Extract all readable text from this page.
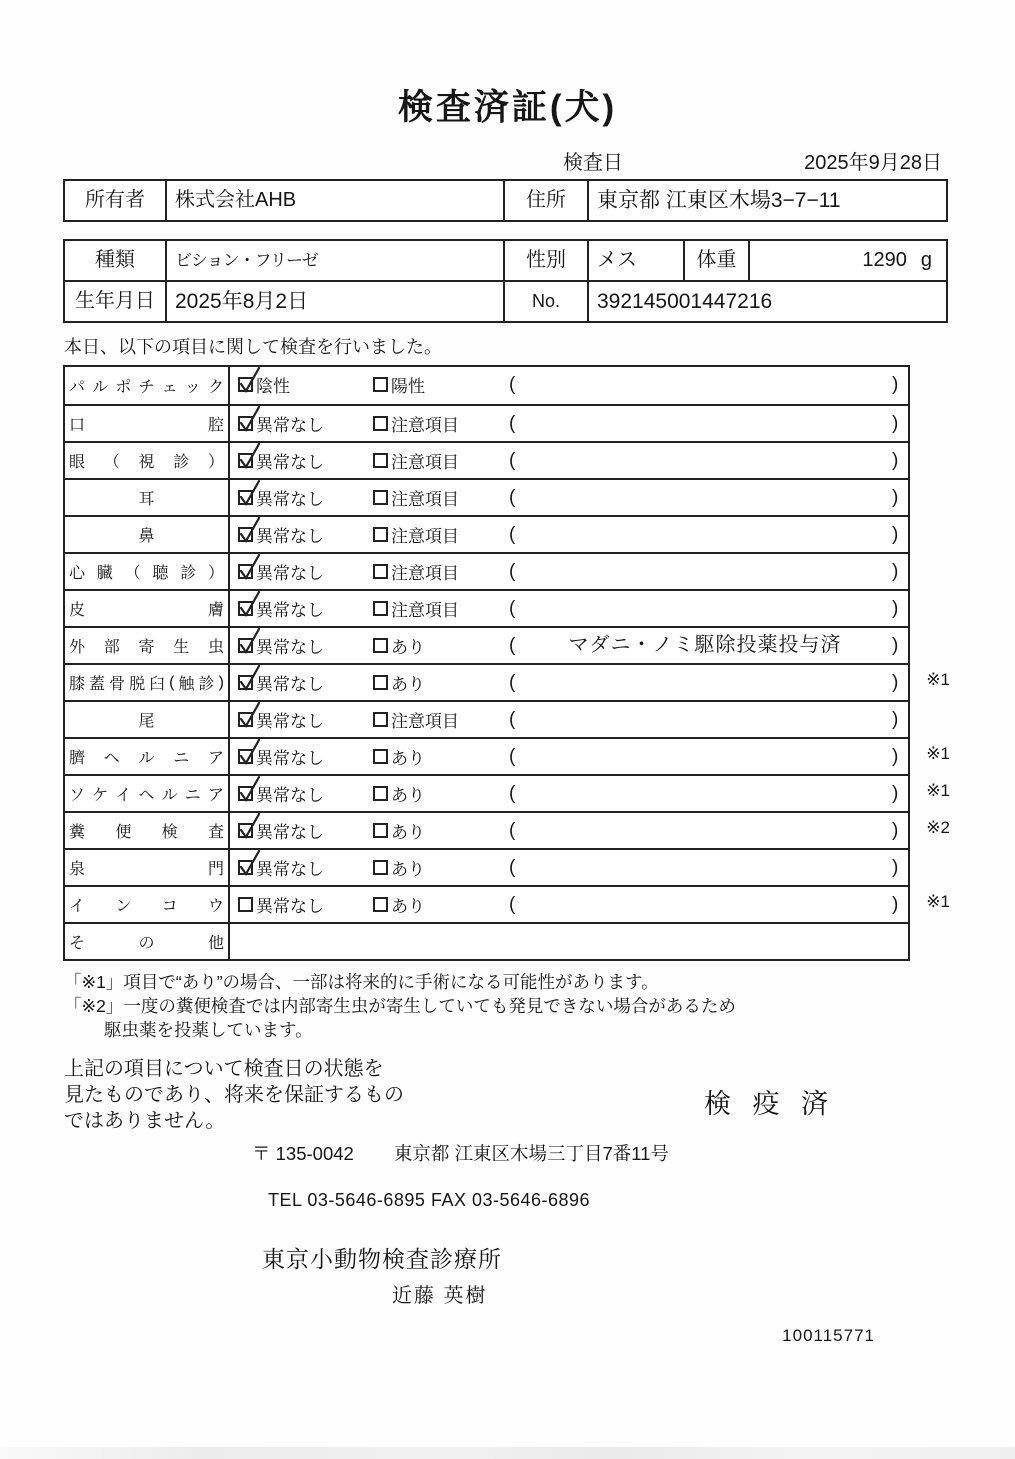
検査済証(犬)
検査日	2025年9月28日
所有者	株式会社AHB	住所	東京都 江東区木場3−7−11
種類	ビション・フリーゼ	性別	メス	体重	1290 g
生年月日 2025年8月2日	No.	392145001447216
本日、以下の項目に関して検査を行いました。
パ ル ポ チ ェ ッ ク 陰性	陽性	(	)
口	腔 異常なし	注意項目	(	)
眼 （ 視 診 ） 異常なし	注意項目	(	)
耳	異常なし	注意項目	(	)
鼻	異常なし	注意項目	(	)
心 臓 （ 聴 診 ） 異常なし	注意項目	(	)
皮	膚 異常なし	注意項目	(	)
外 部 寄 生 虫 異常なし	あり	(	マダニ・ノミ駆除投薬投与済	)
膝 蓋 骨 脱 臼 ( 触 診 ) 異常なし	あり	(	) ※1
尾	異常なし	注意項目	(	)
臍 ヘ ル ニ ア 異常なし	あり	(	) ※1
ソ ケ イ ヘ ル ニ ア 異常なし	あり	(	) ※1
糞 便 検 査 異常なし	あり	(	) ※2
泉	門 異常なし	あり	(	)
イ ン コ ウ 異常なし	あり	(	) ※1
そ	の	他
「※1」項目で“あり”の場合、一部は将来的に手術になる可能性があります。
「※2」一度の糞便検査では内部寄生虫が寄生していても発見できない場合があるため
駆虫薬を投薬しています。
上記の項目について検査日の状態を
見たものであり、将来を保証するもの
ではありません。
検 疫 済
〒 135-0042 東京都 江東区木場三丁目7番11号
TEL 03-5646-6895 FAX 03-5646-6896
東京小動物検査診療所
近藤 英樹
100115771
